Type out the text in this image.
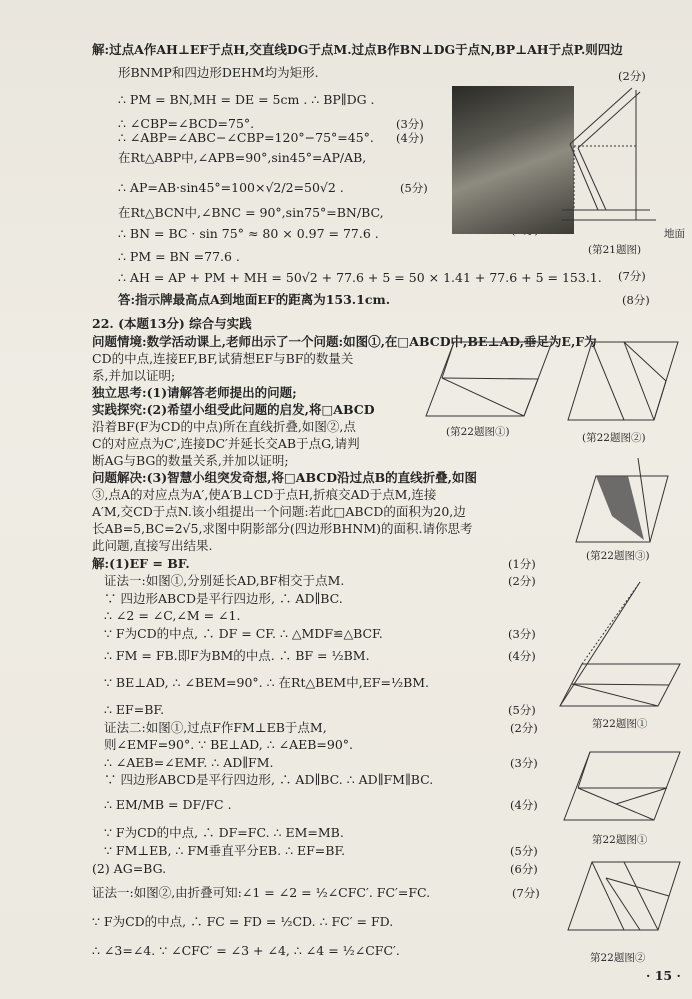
解:过点A作AH⊥EF于点H,交直线DG于点M.过点B作BN⊥DG于点N,BP⊥AH于点P.则四边
形BNMP和四边形DEHM均为矩形.
∴ PM = BN,MH = DE = 5cm . ∴ BP∥DG .
∴ ∠CBP=∠BCD=75°.
∴ ∠ABP=∠ABC−∠CBP=120°−75°=45°.
在Rt△ABP中,∠APB=90°,sin45°=AP/AB,
∴ AP=AB·sin45°=100×√2/2=50√2 .
在Rt△BCN中,∠BNC = 90°,sin75°=BN/BC,
∴ BN = BC · sin 75° ≈ 80 × 0.97 = 77.6 .
∴ PM = BN =77.6 .
∴ AH = AP + PM + MH = 50√2 + 77.6 + 5 = 50 × 1.41 + 77.6 + 5 = 153.1.
答:指示牌最高点A到地面EF的距离为153.1cm.
22. (本题13分) 综合与实践
问题情境:数学活动课上,老师出示了一个问题:如图①,在□ABCD中,BE⊥AD,垂足为E,F为
CD的中点,连接EF,BF,试猜想EF与BF的数量关
系,并加以证明;
独立思考:(1)请解答老师提出的问题;
实践探究:(2)希望小组受此问题的启发,将□ABCD
沿着BF(F为CD的中点)所在直线折叠,如图②,点
C的对应点为C′,连接DC′并延长交AB于点G,请判
断AG与BG的数量关系,并加以证明;
问题解决:(3)智慧小组突发奇想,将□ABCD沿过点B的直线折叠,如图
③,点A的对应点为A′,使A′B⊥CD于点H,折痕交AD于点M,连接
A′M,交CD于点N.该小组提出一个问题:若此□ABCD的面积为20,边
长AB=5,BC=2√5,求图中阴影部分(四边形BHNM)的面积.请你思考
此问题,直接写出结果.
解:(1)EF = BF.
证法一:如图①,分别延长AD,BF相交于点M.
∵ 四边形ABCD是平行四边形, ∴ AD∥BC.
∴ ∠2 = ∠C,∠M = ∠1.
∵ F为CD的中点, ∴ DF = CF. ∴ △MDF≌△BCF.
∴ FM = FB.即F为BM的中点. ∴ BF = ½BM.
∵ BE⊥AD, ∴ ∠BEM=90°. ∴ 在Rt△BEM中,EF=½BM.
∴ EF=BF.
证法二:如图①,过点F作FM⊥EB于点M,
则∠EMF=90°. ∵ BE⊥AD, ∴ ∠AEB=90°.
∴ ∠AEB=∠EMF. ∴ AD∥FM.
∵ 四边形ABCD是平行四边形, ∴ AD∥BC. ∴ AD∥FM∥BC.
∴ EM/MB = DF/FC .
∵ F为CD的中点, ∴ DF=FC. ∴ EM=MB.
∵ FM⊥EB, ∴ FM垂直平分EB. ∴ EF=BF.
(2) AG=BG.
证法一:如图②,由折叠可知:∠1 = ∠2 = ½∠CFC′. FC′=FC.
∵ F为CD的中点, ∴ FC = FD = ½CD. ∴ FC′ = FD.
∴ ∠3=∠4. ∵ ∠CFC′ = ∠3 + ∠4, ∴ ∠4 = ½∠CFC′.
(2分)
(3分)
(4分)
(5分)
(7分)
(8分)
(1分)
(2分)
(3分)
(4分)
(5分)
(2分)
(3分)
(4分)
(5分)
(6分)
(7分)
地面
(第21题图)
(第22题图①)	(第22题图②)
(第22题图③)
第22题图①
第22题图①
第22题图②
· 15 ·
